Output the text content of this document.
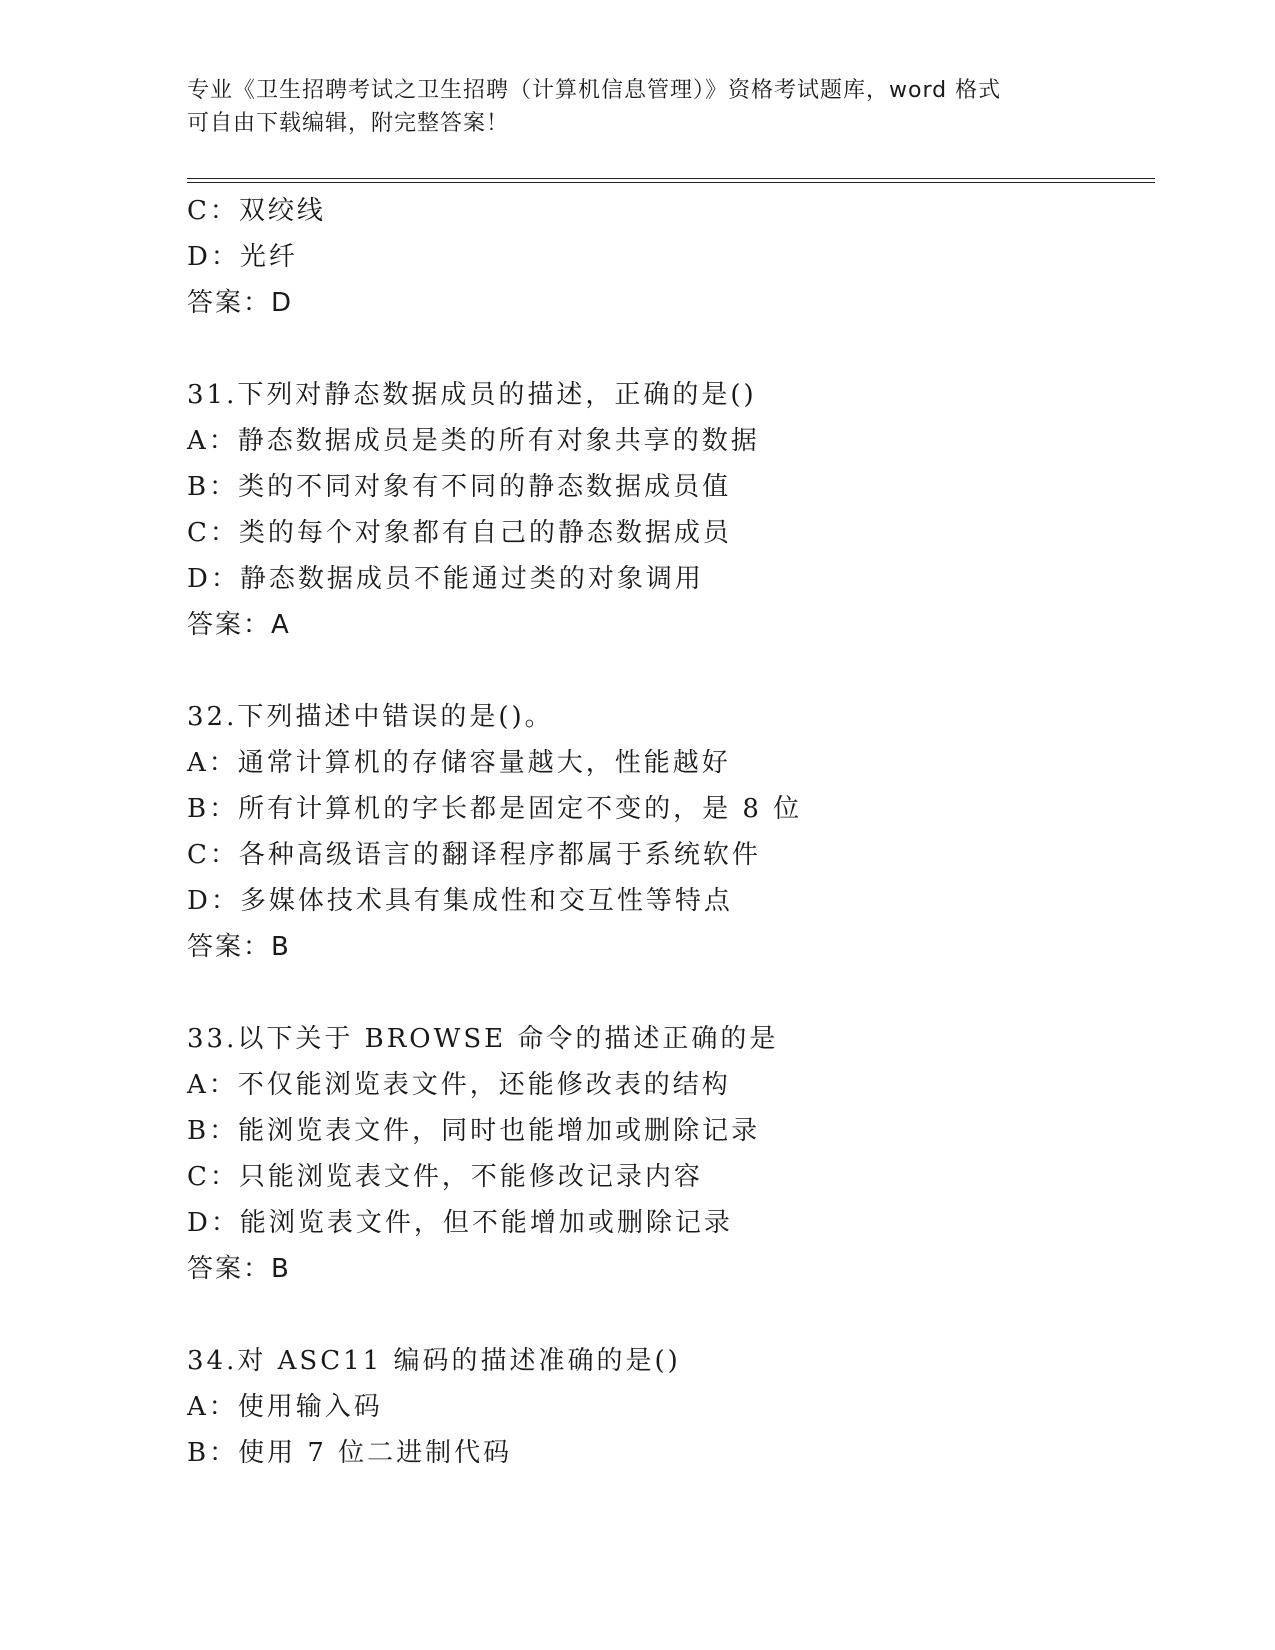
专业《卫生招聘考试之卫生招聘（计算机信息管理）》资格考试题库，word 格式
可自由下载编辑，附完整答案！
C：双绞线
D：光纤
答案：D
31.下列对静态数据成员的描述，正确的是()
A：静态数据成员是类的所有对象共享的数据
B：类的不同对象有不同的静态数据成员值
C：类的每个对象都有自己的静态数据成员
D：静态数据成员不能通过类的对象调用
答案：A
32.下列描述中错误的是()。
A：通常计算机的存储容量越大，性能越好
B：所有计算机的字长都是固定不变的，是 8 位
C：各种高级语言的翻译程序都属于系统软件
D：多媒体技术具有集成性和交互性等特点
答案：B
33.以下关于 BROWSE 命令的描述正确的是
A：不仅能浏览表文件，还能修改表的结构
B：能浏览表文件，同时也能增加或删除记录
C：只能浏览表文件，不能修改记录内容
D：能浏览表文件，但不能增加或删除记录
答案：B
34.对 ASC11 编码的描述准确的是()
A：使用输入码
B：使用 7 位二进制代码
